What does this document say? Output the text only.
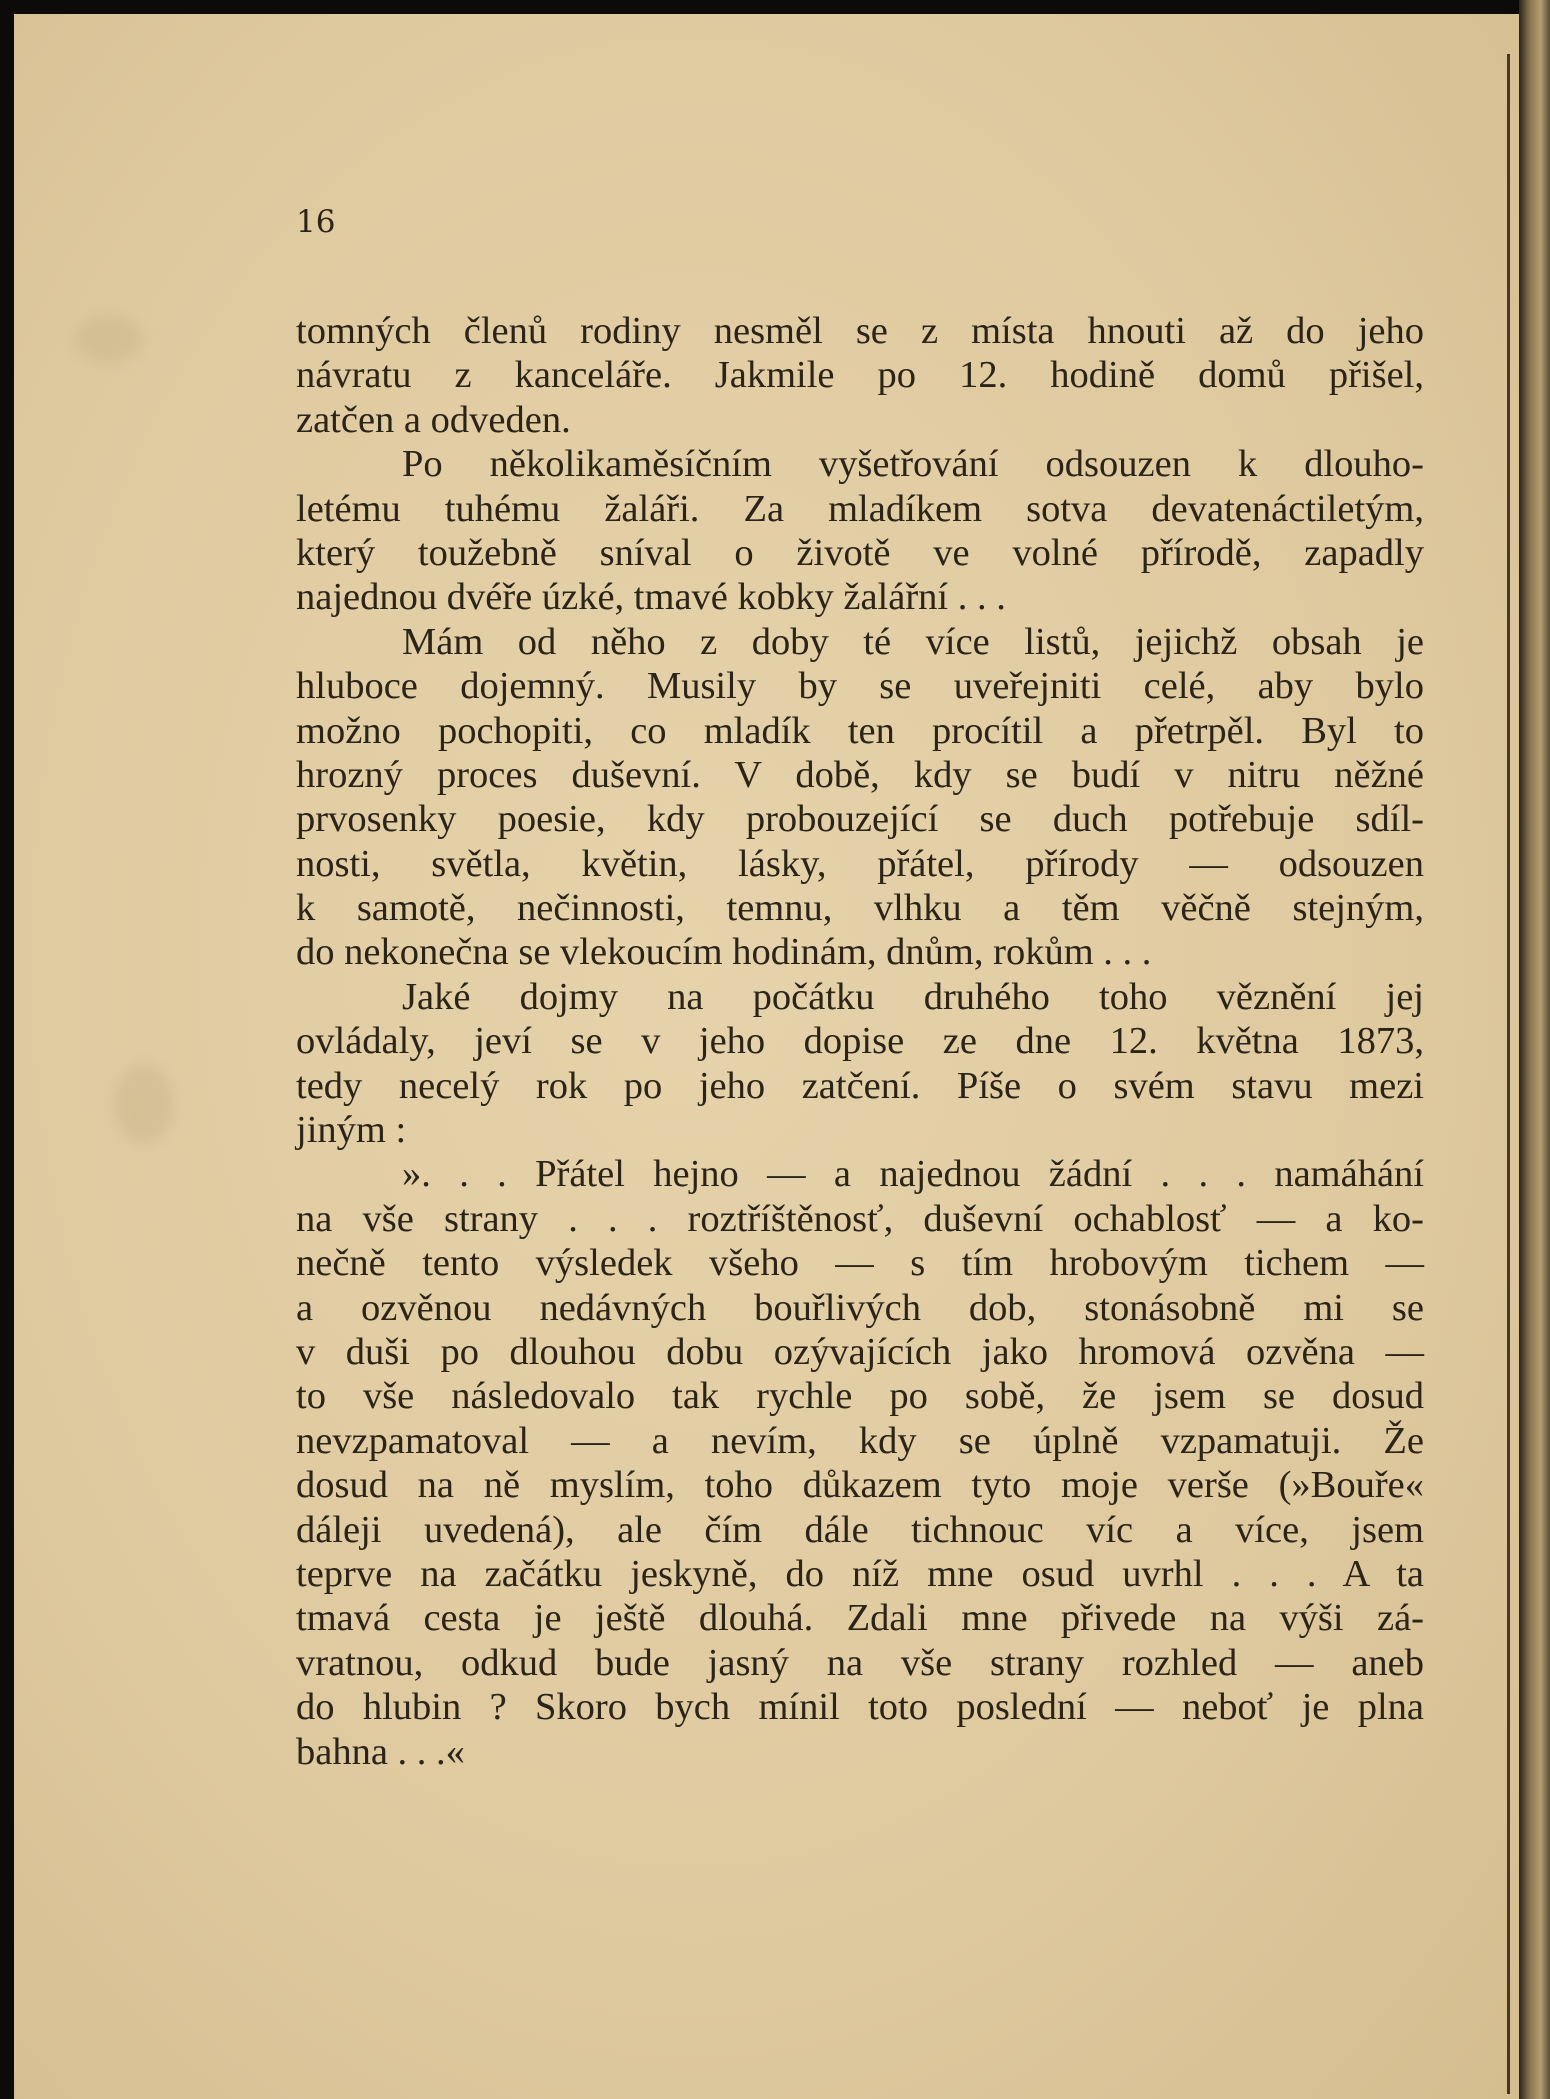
16
tomných členů rodiny nesměl se z místa hnouti až do jeho
návratu z kanceláře. Jakmile po 12. hodině domů přišel,
zatčen a odveden.
Po několikaměsíčním vyšetřování odsouzen k dlouho-
letému tuhému žaláři. Za mladíkem sotva devatenáctiletým,
který toužebně sníval o životě ve volné přírodě, zapadly
najednou dvéře úzké, tmavé kobky žalářní . . .
Mám od něho z doby té více listů, jejichž obsah je
hluboce dojemný. Musily by se uveřejniti celé, aby bylo
možno pochopiti, co mladík ten procítil a přetrpěl. Byl to
hrozný proces duševní. V době, kdy se budí v nitru něžné
prvosenky poesie, kdy probouzející se duch potřebuje sdíl-
nosti, světla, květin, lásky, přátel, přírody — odsouzen
k samotě, nečinnosti, temnu, vlhku a těm věčně stejným,
do nekonečna se vlekoucím hodinám, dnům, rokům . . .
Jaké dojmy na počátku druhého toho věznění jej
ovládaly, jeví se v jeho dopise ze dne 12. května 1873,
tedy necelý rok po jeho zatčení. Píše o svém stavu mezi
jiným :
». . . Přátel hejno — a najednou žádní . . . namáhání
na vše strany . . . roztříštěnosť, duševní ochablosť — a ko-
nečně tento výsledek všeho — s tím hrobovým tichem —
a ozvěnou nedávných bouřlivých dob, stonásobně mi se
v duši po dlouhou dobu ozývajících jako hromová ozvěna —
to vše následovalo tak rychle po sobě, že jsem se dosud
nevzpamatoval — a nevím, kdy se úplně vzpamatuji. Že
dosud na ně myslím, toho důkazem tyto moje verše (»Bouře«
dáleji uvedená), ale čím dále tichnouc víc a více, jsem
teprve na začátku jeskyně, do níž mne osud uvrhl . . . A ta
tmavá cesta je ještě dlouhá. Zdali mne přivede na výši zá-
vratnou, odkud bude jasný na vše strany rozhled — aneb
do hlubin ? Skoro bych mínil toto poslední — neboť je plna
bahna . . .«
